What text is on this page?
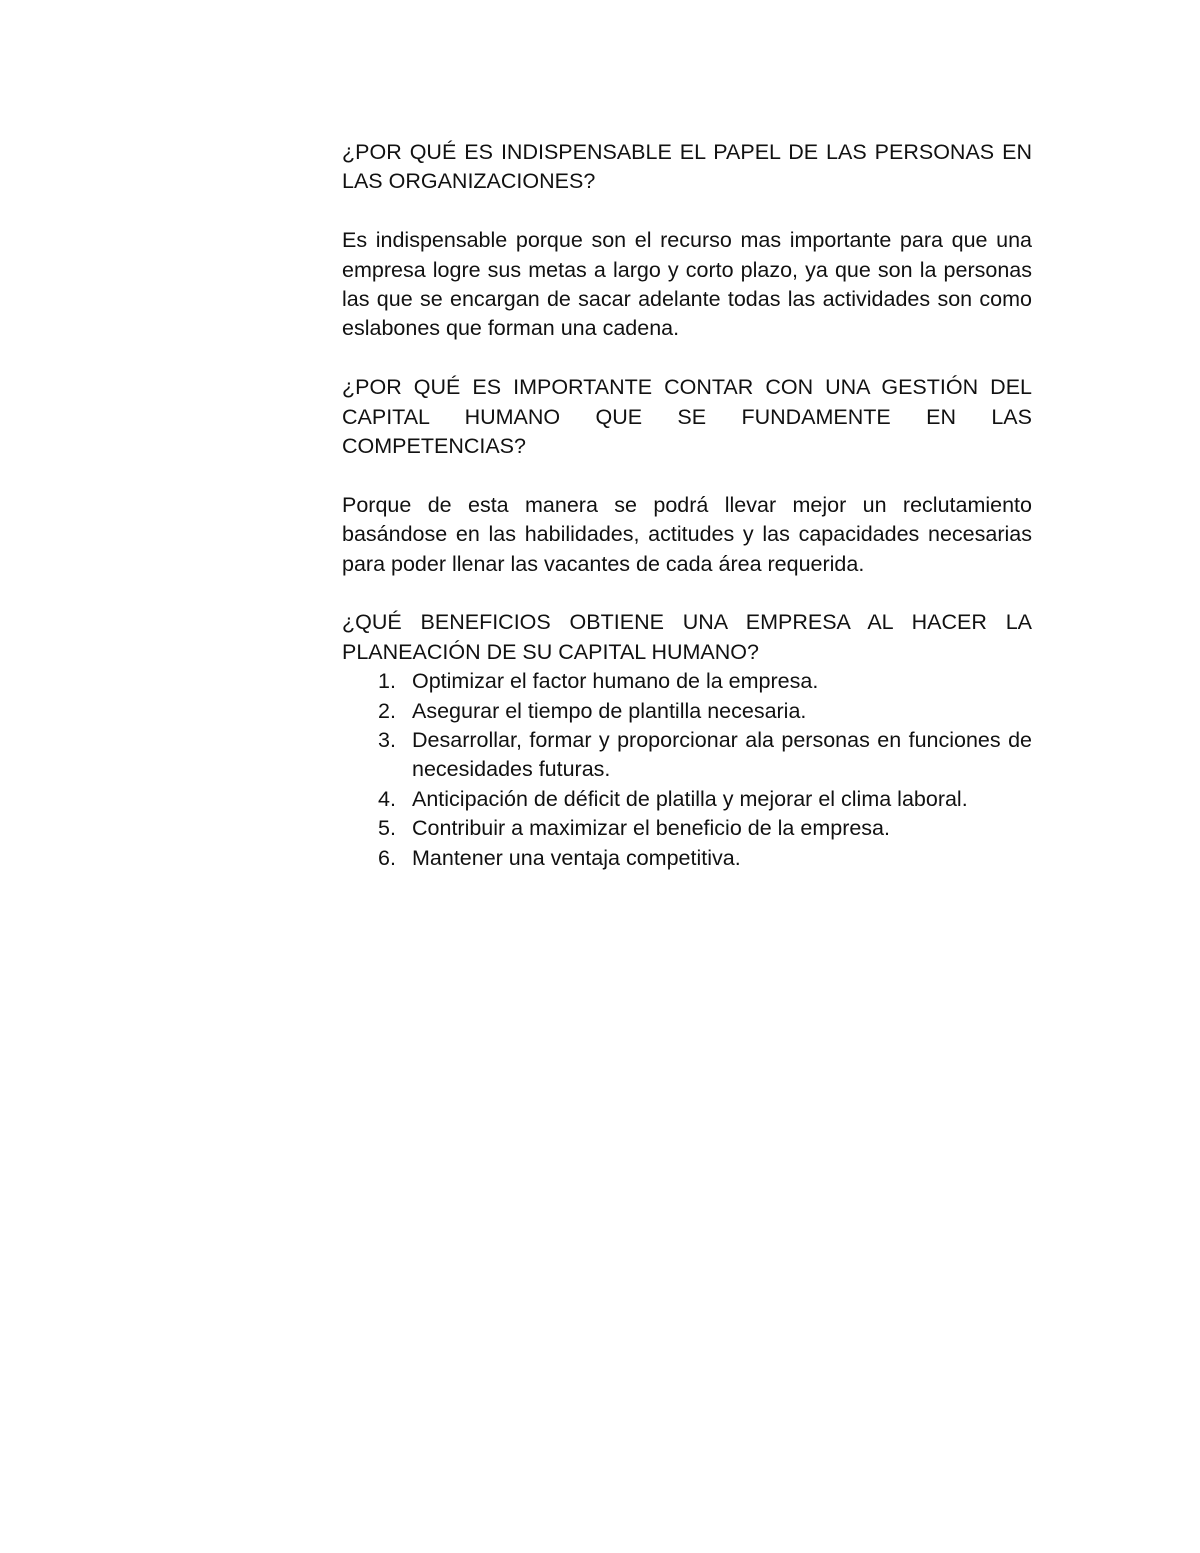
¿POR QUÉ ES INDISPENSABLE EL PAPEL DE LAS PERSONAS EN LAS ORGANIZACIONES?

Es indispensable porque son el recurso mas importante para que una empresa logre sus metas a largo y corto plazo, ya que son la personas las que se encargan de sacar adelante todas las actividades son como eslabones que forman una cadena.

¿POR QUÉ ES IMPORTANTE CONTAR CON UNA GESTIÓN DEL CAPITAL HUMANO QUE SE FUNDAMENTE EN LAS COMPETENCIAS?

Porque de esta manera se podrá llevar mejor un reclutamiento basándose en las habilidades, actitudes y las capacidades necesarias para poder llenar las vacantes de cada área requerida.

¿QUÉ BENEFICIOS OBTIENE UNA EMPRESA AL HACER LA PLANEACIÓN DE SU CAPITAL HUMANO?

1. Optimizar el factor humano de la empresa.
2. Asegurar el tiempo de plantilla necesaria.
3. Desarrollar, formar y proporcionar ala personas en funciones de necesidades futuras.
4. Anticipación de déficit de platilla y mejorar el clima laboral.
5. Contribuir a maximizar el beneficio de la empresa.
6. Mantener una ventaja competitiva.
